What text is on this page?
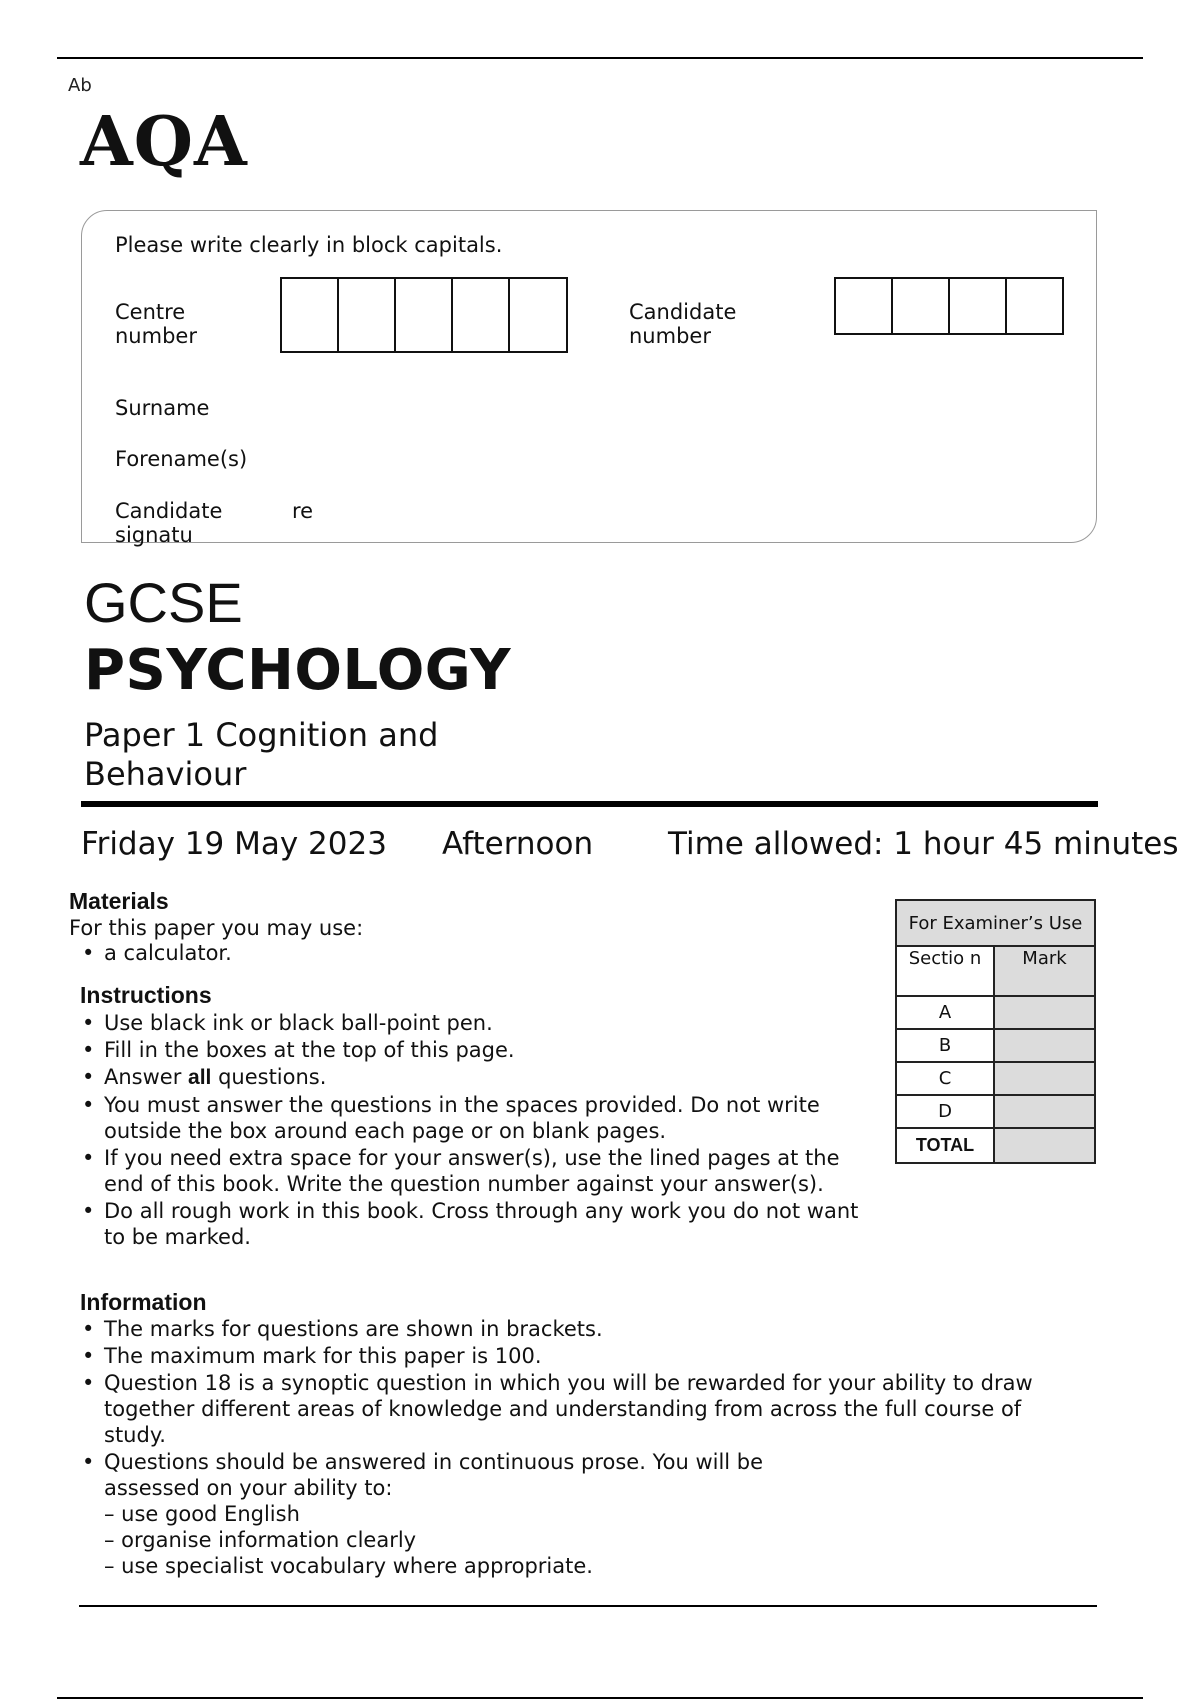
Ab
AQA
Please write clearly in block capitals.
Centre number
Candidate number
Surname
Forename(s)
Candidate signatu
re
GCSE
PSYCHOLOGY
Paper 1 Cognition and Behaviour
Friday 19 May 2023 Afternoon Time allowed: 1 hour 45 minutes
Materials
For this paper you may use:
• a calculator.
Instructions
• Use black ink or black ball-point pen.
• Fill in the boxes at the top of this page.
• Answer all questions.
• You must answer the questions in the spaces provided. Do not write outside the box around each page or on blank pages.
• If you need extra space for your answer(s), use the lined pages at the end of this book. Write the question number against your answer(s).
• Do all rough work in this book. Cross through any work you do not want to be marked.
Information
• The marks for questions are shown in brackets.
• The maximum mark for this paper is 100.
• Question 18 is a synoptic question in which you will be rewarded for your ability to draw together different areas of knowledge and understanding from across the full course of study.
• Questions should be answered in continuous prose. You will be assessed on your ability to:
– use good English
– organise information clearly
– use specialist vocabulary where appropriate.
For Examiner’s Use	
Sectio n	Mark
A	
B	
C	
D	
TOTAL	
